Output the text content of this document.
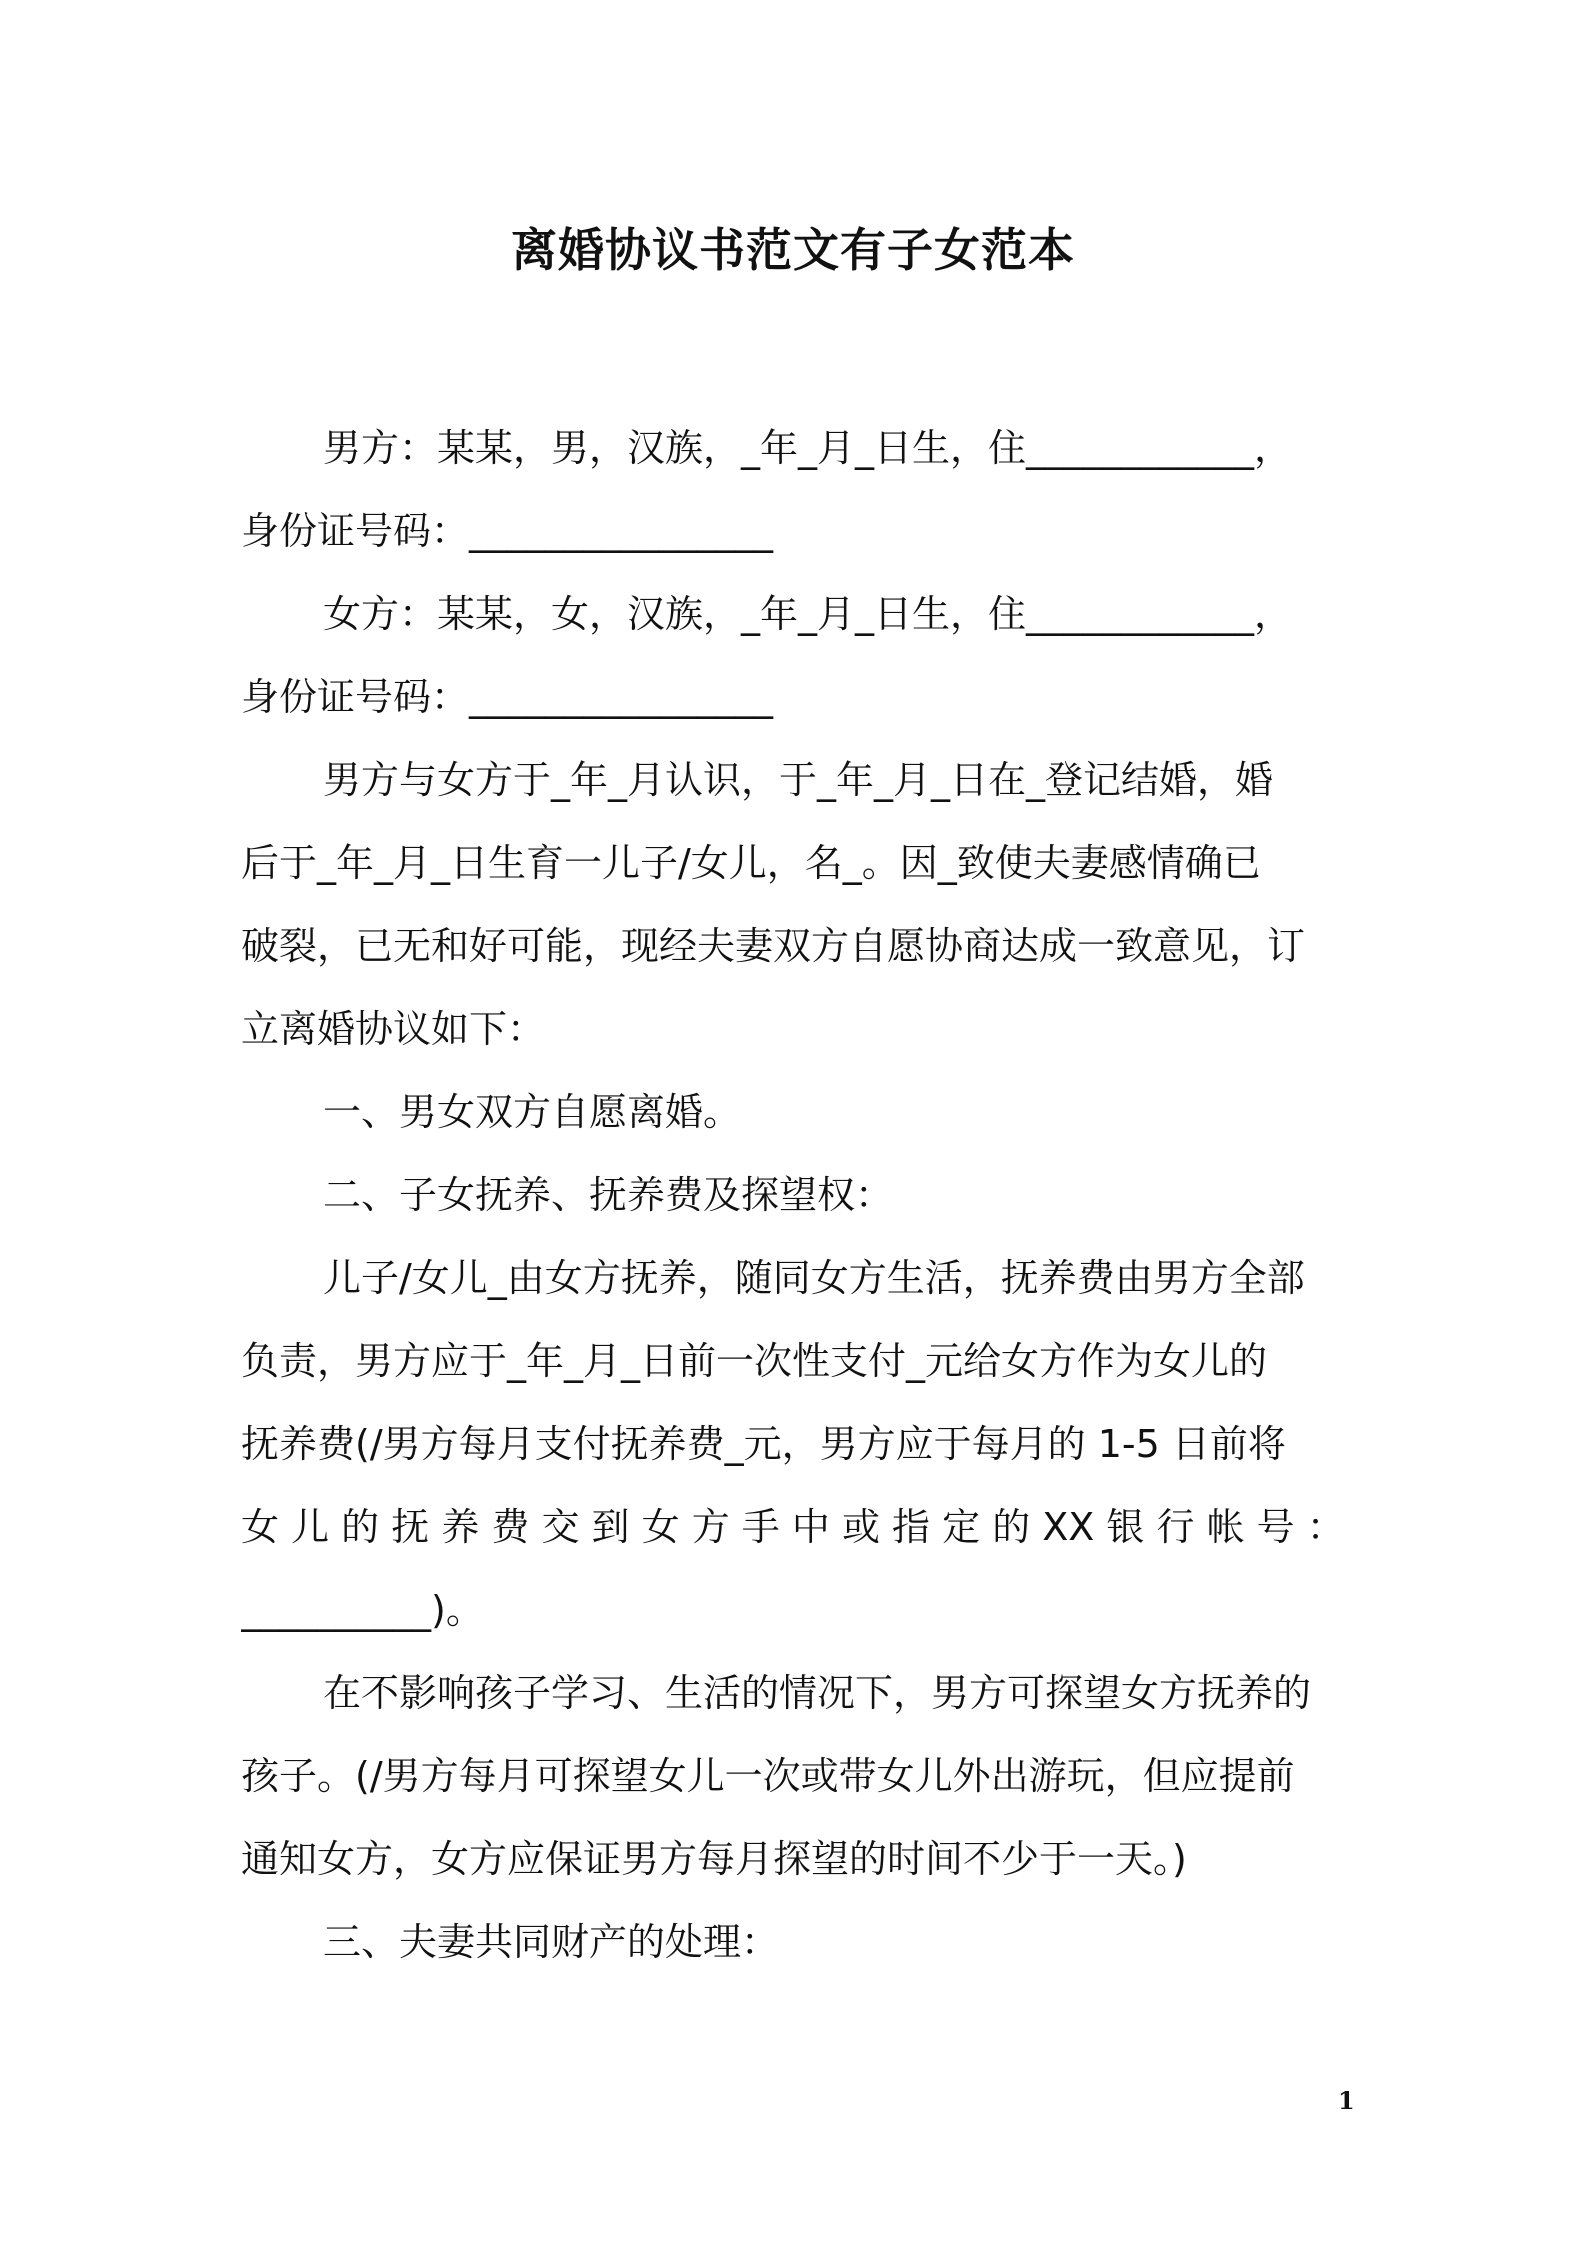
离婚协议书范文有子女范本
男方：某某，男，汉族，_年_月_日生，住____________，
身份证号码：________________
女方：某某，女，汉族，_年_月_日生，住____________，
身份证号码：________________
男方与女方于_年_月认识，于_年_月_日在_登记结婚，婚
后于_年_月_日生育一儿子/女儿，名_。因_致使夫妻感情确已
破裂，已无和好可能，现经夫妻双方自愿协商达成一致意见，订
立离婚协议如下：
一、男女双方自愿离婚。
二、子女抚养、抚养费及探望权：
儿子/女儿_由女方抚养，随同女方生活，抚养费由男方全部
负责，男方应于_年_月_日前一次性支付_元给女方作为女儿的
抚养费(/男方每月支付抚养费_元，男方应于每月的 1-5 日前将
女 儿 的 抚 养 费 交 到 女 方 手 中 或 指 定 的 XX 银 行 帐 号 ：
__________)。
在不影响孩子学习、生活的情况下，男方可探望女方抚养的
孩子。(/男方每月可探望女儿一次或带女儿外出游玩，但应提前
通知女方，女方应保证男方每月探望的时间不少于一天。)
三、夫妻共同财产的处理：
1
